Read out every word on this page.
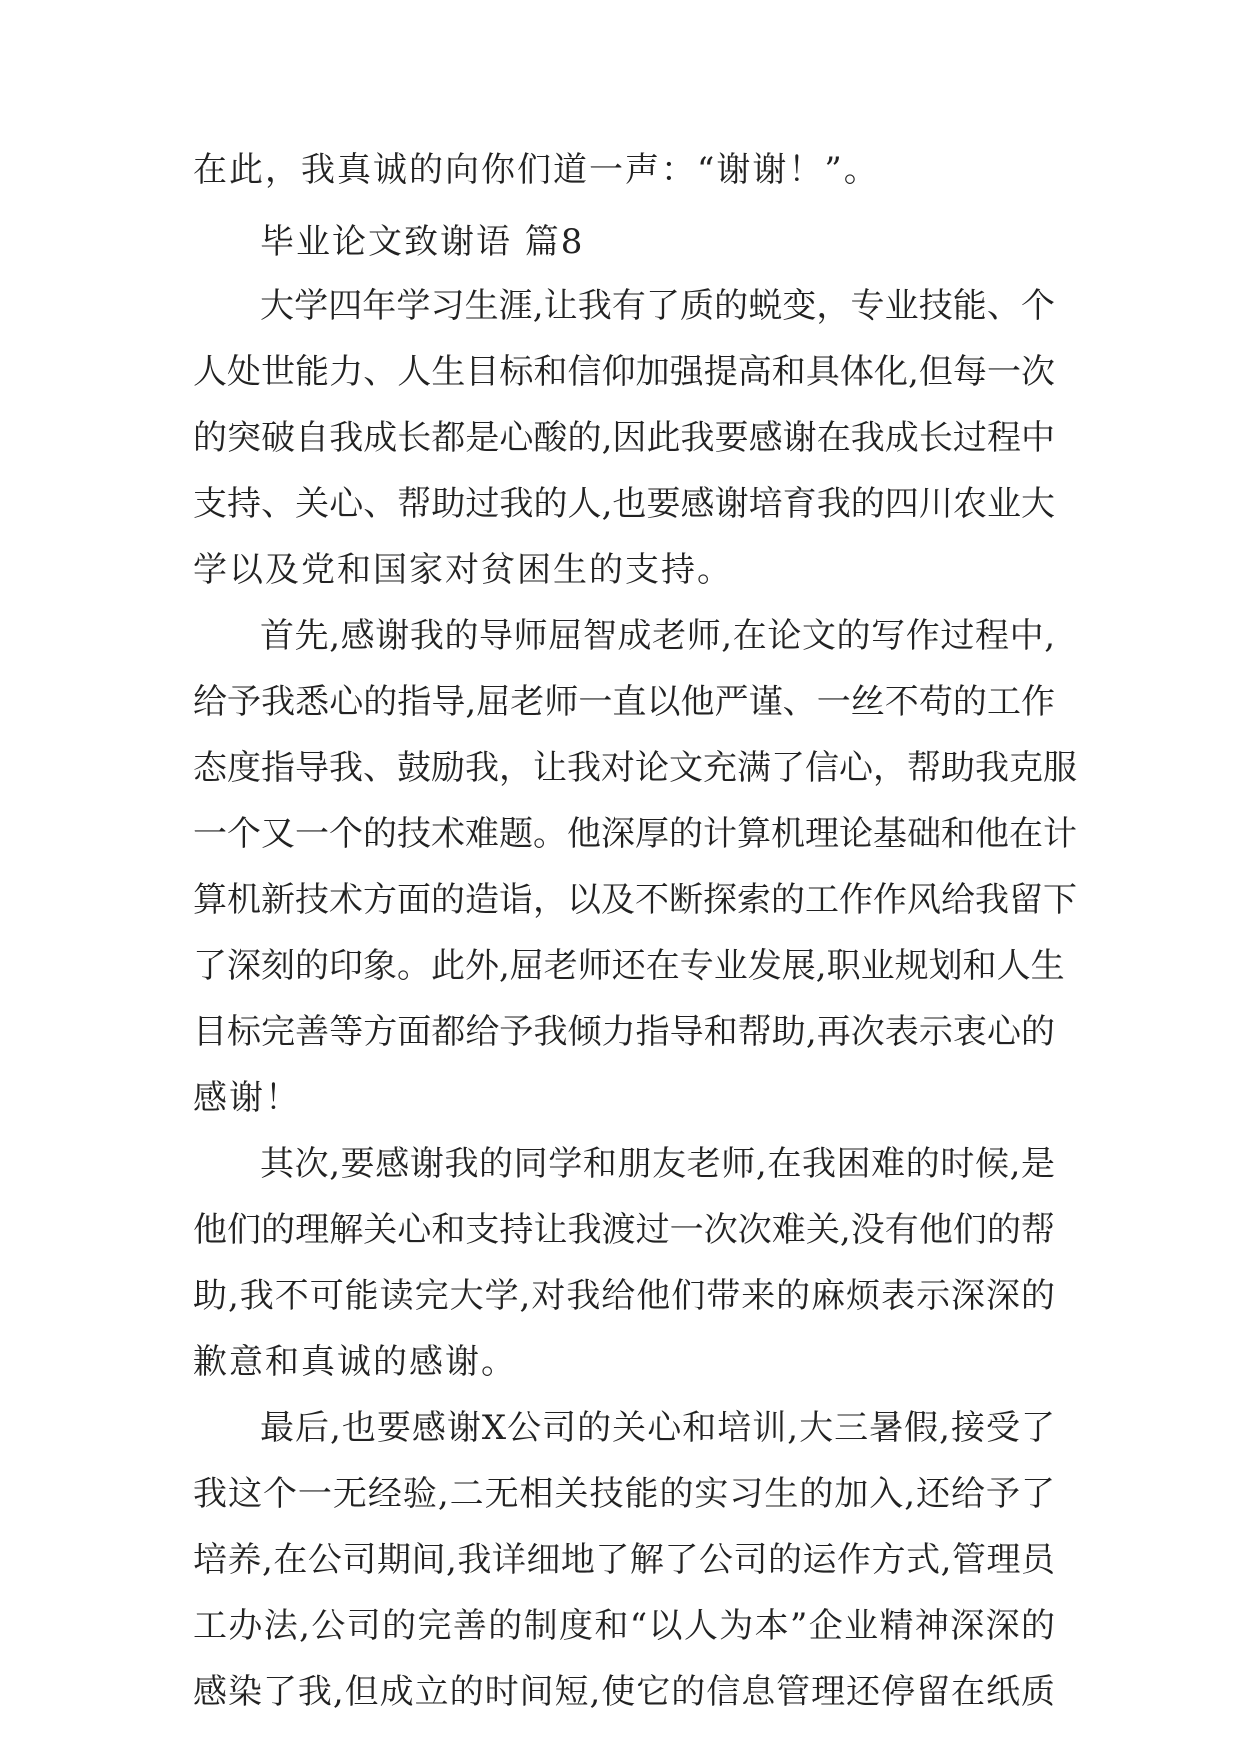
在此，我真诚的向你们道一声：“谢谢！”。
毕业论文致谢语 篇8
大学四年学习生涯,让我有了质的蜕变，专业技能、个
人处世能力、人生目标和信仰加强提高和具体化,但每一次
的突破自我成长都是心酸的,因此我要感谢在我成长过程中
支持、关心、帮助过我的人,也要感谢培育我的四川农业大
学以及党和国家对贫困生的支持。
首先,感谢我的导师屈智成老师,在论文的写作过程中,
给予我悉心的指导,屈老师一直以他严谨、一丝不苟的工作
态度指导我、鼓励我，让我对论文充满了信心，帮助我克服
一个又一个的技术难题。他深厚的计算机理论基础和他在计
算机新技术方面的造诣，以及不断探索的工作作风给我留下
了深刻的印象。此外,屈老师还在专业发展,职业规划和人生
目标完善等方面都给予我倾力指导和帮助,再次表示衷心的
感谢！
其次,要感谢我的同学和朋友老师,在我困难的时候,是
他们的理解关心和支持让我渡过一次次难关,没有他们的帮
助,我不可能读完大学,对我给他们带来的麻烦表示深深的
歉意和真诚的感谢。
最后,也要感谢X公司的关心和培训,大三暑假,接受了
我这个一无经验,二无相关技能的实习生的加入,还给予了
培养,在公司期间,我详细地了解了公司的运作方式,管理员
工办法,公司的完善的制度和“以人为本”企业精神深深的
感染了我,但成立的时间短,使它的信息管理还停留在纸质
